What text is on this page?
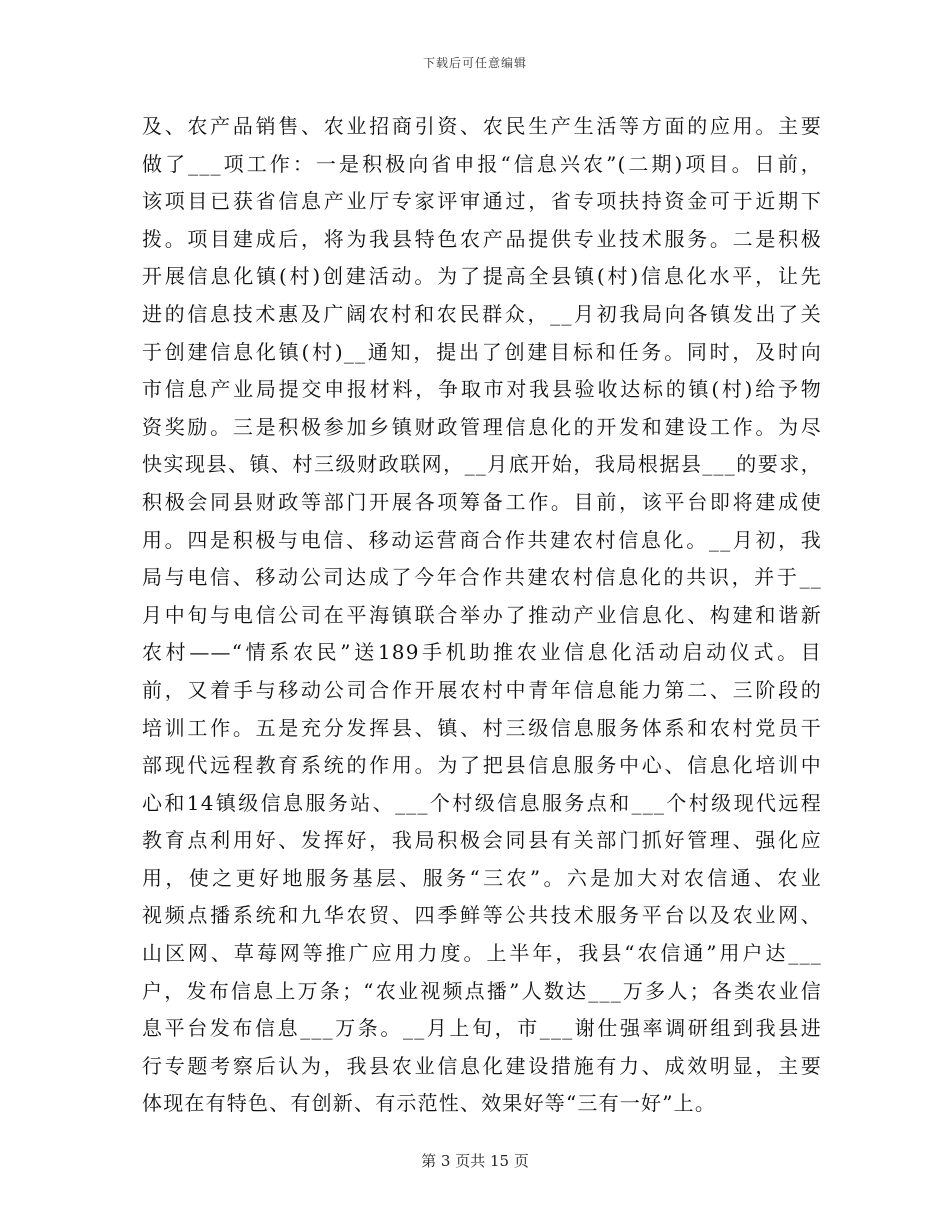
下载后可任意编辑
及、农产品销售、农业招商引资、农民生产生活等方面的应用。主要
做了___项工作：一是积极向省申报“信息兴农”(二期)项目。日前，
该项目已获省信息产业厅专家评审通过，省专项扶持资金可于近期下
拨。项目建成后，将为我县特色农产品提供专业技术服务。二是积极
开展信息化镇(村)创建活动。为了提高全县镇(村)信息化水平，让先
进的信息技术惠及广阔农村和农民群众，__月初我局向各镇发出了关
于创建信息化镇(村)__通知，提出了创建目标和任务。同时，及时向
市信息产业局提交申报材料，争取市对我县验收达标的镇(村)给予物
资奖励。三是积极参加乡镇财政管理信息化的开发和建设工作。为尽
快实现县、镇、村三级财政联网，__月底开始，我局根据县___的要求，
积极会同县财政等部门开展各项筹备工作。目前，该平台即将建成使
用。四是积极与电信、移动运营商合作共建农村信息化。__月初，我
局与电信、移动公司达成了今年合作共建农村信息化的共识，并于__
月中旬与电信公司在平海镇联合举办了推动产业信息化、构建和谐新
农村——“情系农民”送189手机助推农业信息化活动启动仪式。目
前，又着手与移动公司合作开展农村中青年信息能力第二、三阶段的
培训工作。五是充分发挥县、镇、村三级信息服务体系和农村党员干
部现代远程教育系统的作用。为了把县信息服务中心、信息化培训中
心和14镇级信息服务站、___个村级信息服务点和___个村级现代远程
教育点利用好、发挥好，我局积极会同县有关部门抓好管理、强化应
用，使之更好地服务基层、服务“三农”。六是加大对农信通、农业
视频点播系统和九华农贸、四季鲜等公共技术服务平台以及农业网、
山区网、草莓网等推广应用力度。上半年，我县“农信通”用户达___
户，发布信息上万条；“农业视频点播”人数达___万多人；各类农业信
息平台发布信息___万条。__月上旬，市___谢仕强率调研组到我县进
行专题考察后认为，我县农业信息化建设措施有力、成效明显，主要
体现在有特色、有创新、有示范性、效果好等“三有一好”上。
第 3 页共 15 页
